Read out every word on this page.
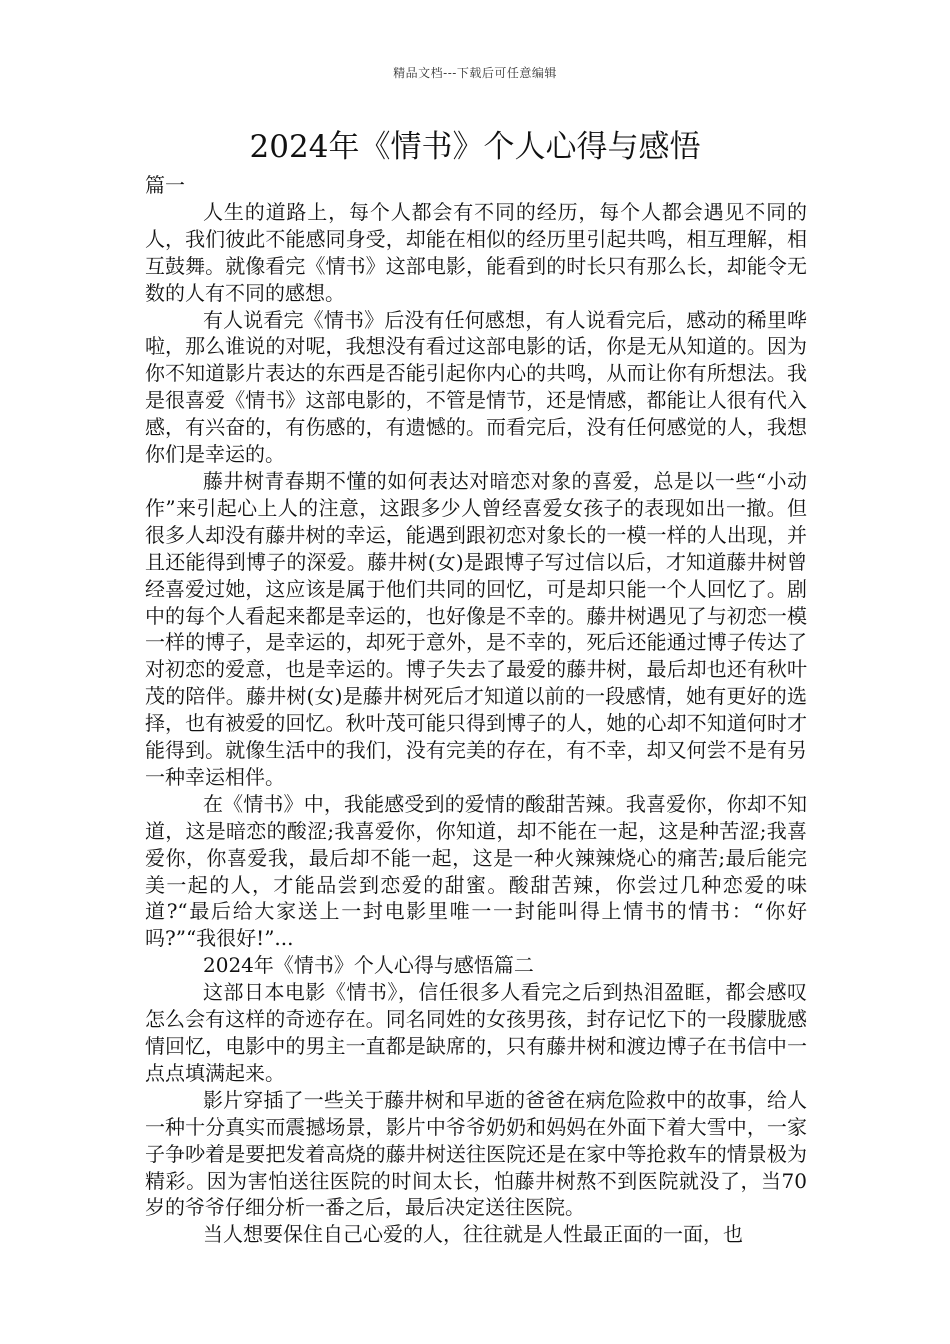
精品文档---下载后可任意编辑
2024年《情书》个人心得与感悟

篇一

人生的道路上，每个人都会有不同的经历，每个人都会遇见不同的人，我们彼此不能感同身受，却能在相似的经历里引起共鸣，相互理解，相互鼓舞。就像看完《情书》这部电影，能看到的时长只有那么长，却能令无数的人有不同的感想。

有人说看完《情书》后没有任何感想，有人说看完后，感动的稀里哗啦，那么谁说的对呢，我想没有看过这部电影的话，你是无从知道的。因为你不知道影片表达的东西是否能引起你内心的共鸣，从而让你有所想法。我是很喜爱《情书》这部电影的，不管是情节，还是情感，都能让人很有代入感，有兴奋的，有伤感的，有遗憾的。而看完后，没有任何感觉的人，我想你们是幸运的。

藤井树青春期不懂的如何表达对暗恋对象的喜爱，总是以一些“小动作”来引起心上人的注意，这跟多少人曾经喜爱女孩子的表现如出一撤。但很多人却没有藤井树的幸运，能遇到跟初恋对象长的一模一样的人出现，并且还能得到博子的深爱。藤井树(女)是跟博子写过信以后，才知道藤井树曾经喜爱过她，这应该是属于他们共同的回忆，可是却只能一个人回忆了。剧中的每个人看起来都是幸运的，也好像是不幸的。藤井树遇见了与初恋一模一样的博子，是幸运的，却死于意外，是不幸的，死后还能通过博子传达了对初恋的爱意，也是幸运的。博子失去了最爱的藤井树，最后却也还有秋叶茂的陪伴。藤井树(女)是藤井树死后才知道以前的一段感情，她有更好的选择，也有被爱的回忆。秋叶茂可能只得到博子的人，她的心却不知道何时才能得到。就像生活中的我们，没有完美的存在，有不幸，却又何尝不是有另一种幸运相伴。

在《情书》中，我能感受到的爱情的酸甜苦辣。我喜爱你，你却不知道，这是暗恋的酸涩;我喜爱你，你知道，却不能在一起，这是种苦涩;我喜爱你，你喜爱我，最后却不能一起，这是一种火辣辣烧心的痛苦;最后能完美一起的人，才能品尝到恋爱的甜蜜。酸甜苦辣，你尝过几种恋爱的味道?“最后给大家送上一封电影里唯一一封能叫得上情书的情书：“你好吗?”“我很好!”...

2024年《情书》个人心得与感悟篇二

这部日本电影《情书》，信任很多人看完之后到热泪盈眶，都会感叹怎么会有这样的奇迹存在。同名同姓的女孩男孩，封存记忆下的一段朦胧感情回忆，电影中的男主一直都是缺席的，只有藤井树和渡边博子在书信中一点点填满起来。

影片穿插了一些关于藤井树和早逝的爸爸在病危险救中的故事，给人一种十分真实而震撼场景，影片中爷爷奶奶和妈妈在外面下着大雪中，一家子争吵着是要把发着高烧的藤井树送往医院还是在家中等抢救车的情景极为精彩。因为害怕送往医院的时间太长，怕藤井树熬不到医院就没了，当70岁的爷爷仔细分析一番之后，最后决定送往医院。

当人想要保住自己心爱的人，往往就是人性最正面的一面，也
